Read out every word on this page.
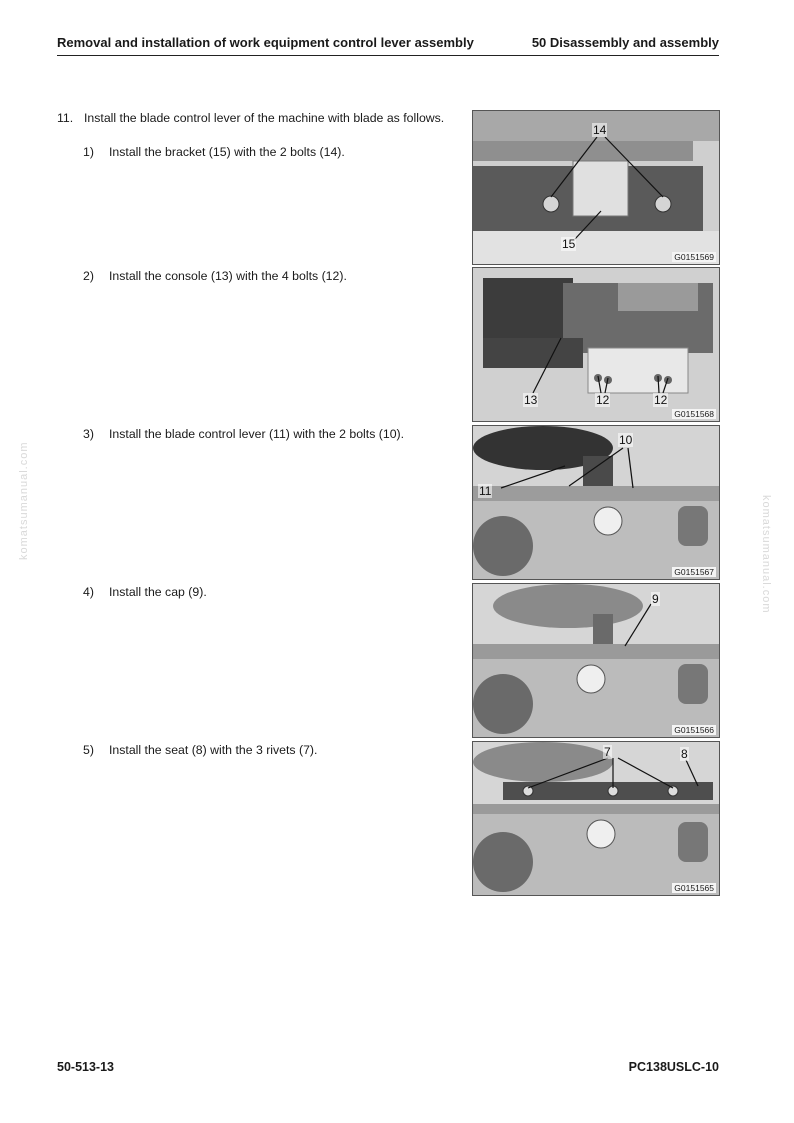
Removal and installation of work equipment control lever assembly	50 Disassembly and assembly
komatsumanual.com	komatsumanual.com
11. Install the blade control lever of the machine with blade as follows.
1) Install the bracket (15) with the 2 bolts (14).
2) Install the console (13) with the 4 bolts (12).
3) Install the blade control lever (11) with the 2 bolts (10).
4) Install the cap (9).
5) Install the seat (8) with the 3 rivets (7).
14
15
G0151569
13	12	12
G0151568
10
11
G0151567
9
G0151566
7	8
G0151565
50-513-13	PC138USLC-10
